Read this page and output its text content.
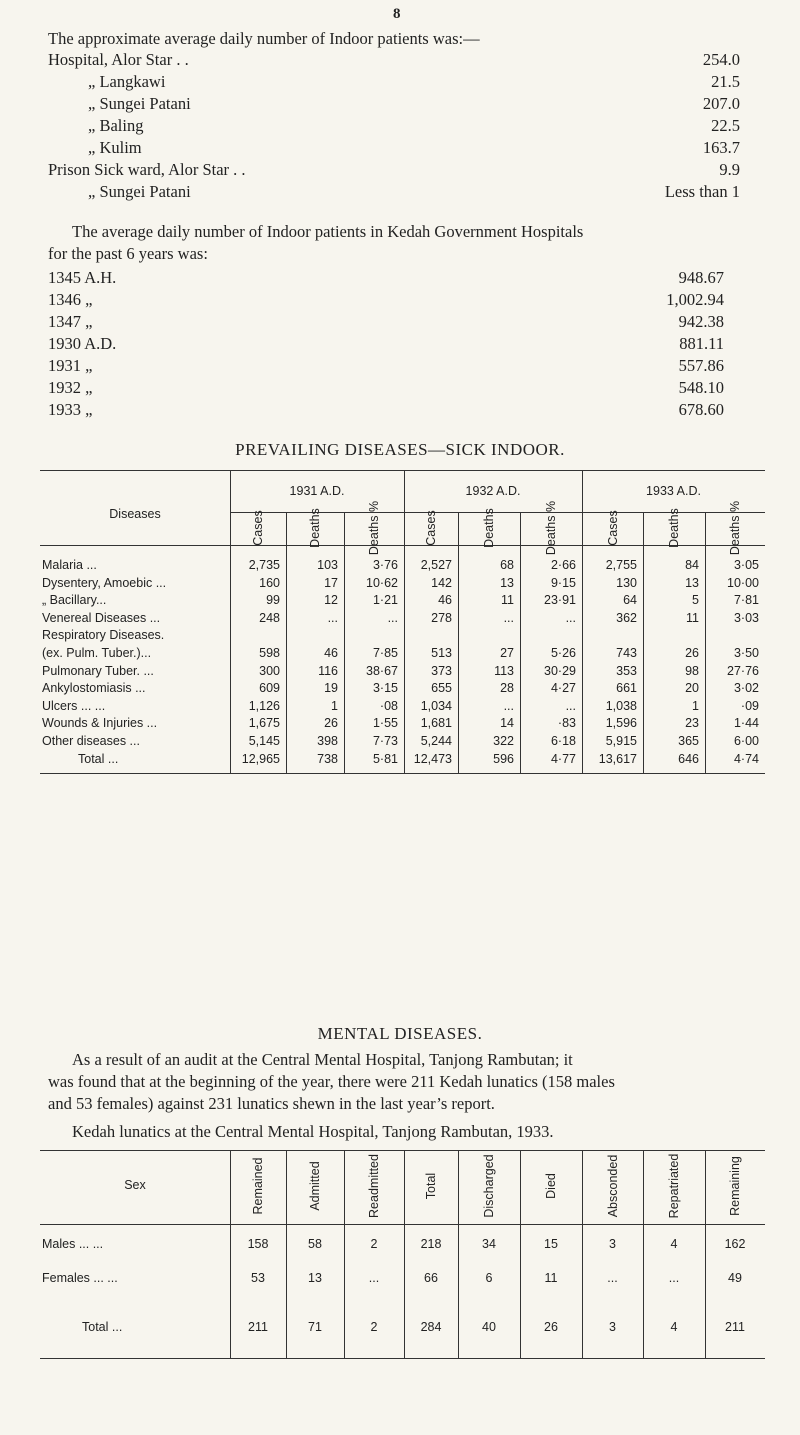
8
The approximate average daily number of Indoor patients was:—
Hospital, Alor Star . .	254.0
„ Langkawi	21.5
„ Sungei Patani	207.0
„ Baling	22.5
„ Kulim	163.7
Prison Sick ward, Alor Star . .	9.9
„ Sungei Patani	Less than 1
The average daily number of Indoor patients in Kedah Government Hospitals
for the past 6 years was:
1345 A.H.	948.67
1346 „	1,002.94
1347 „	942.38
1930 A.D.	881.11
1931 „	557.86
1932 „	548.10
1933 „	678.60
PREVAILING DISEASES—SICK INDOOR.
Diseases
1931 A.D.	1932 A.D.	1933 A.D.
Cases	Deaths	Deaths %	Cases	Deaths	Deaths %	Cases	Deaths	Deaths %
Malaria ...	2,735	103	3·76	2,527	68	2·66	2,755	84	3·05
Dysentery, Amoebic ...	160	17	10·62	142	13	9·15	130	13	10·00
„ Bacillary...	99	12	1·21	46	11	23·91	64	5	7·81
Venereal Diseases ...	248	...	...	278	...	...	362	11	3·03
Respiratory Diseases.
(ex. Pulm. Tuber.)...	598	46	7·85	513	27	5·26	743	26	3·50
Pulmonary Tuber. ...	300	116	38·67	373	113	30·29	353	98	27·76
Ankylostomiasis ...	609	19	3·15	655	28	4·27	661	20	3·02
Ulcers ... ...	1,126	1	·08	1,034	...	...	1,038	1	·09
Wounds & Injuries ...	1,675	26	1·55	1,681	14	·83	1,596	23	1·44
Other diseases ...	5,145	398	7·73	5,244	322	6·18	5,915	365	6·00
Total ...	12,965	738	5·81	12,473	596	4·77	13,617	646	4·74
MENTAL DISEASES.
As a result of an audit at the Central Mental Hospital, Tanjong Rambutan; it
was found that at the beginning of the year, there were 211 Kedah lunatics (158 males
and 53 females) against 231 lunatics shewn in the last year’s report.
Kedah lunatics at the Central Mental Hospital, Tanjong Rambutan, 1933.
Sex	Remained	Admitted	Readmitted	Total	Discharged	Died	Absconded	Repatriated	Remaining
Males ... ...	158	58	2	218	34	15	3	4	162
Females ... ...	53	13	...	66	6	11	...	...	49
Total ...	211	71	2	284	40	26	3	4	211
